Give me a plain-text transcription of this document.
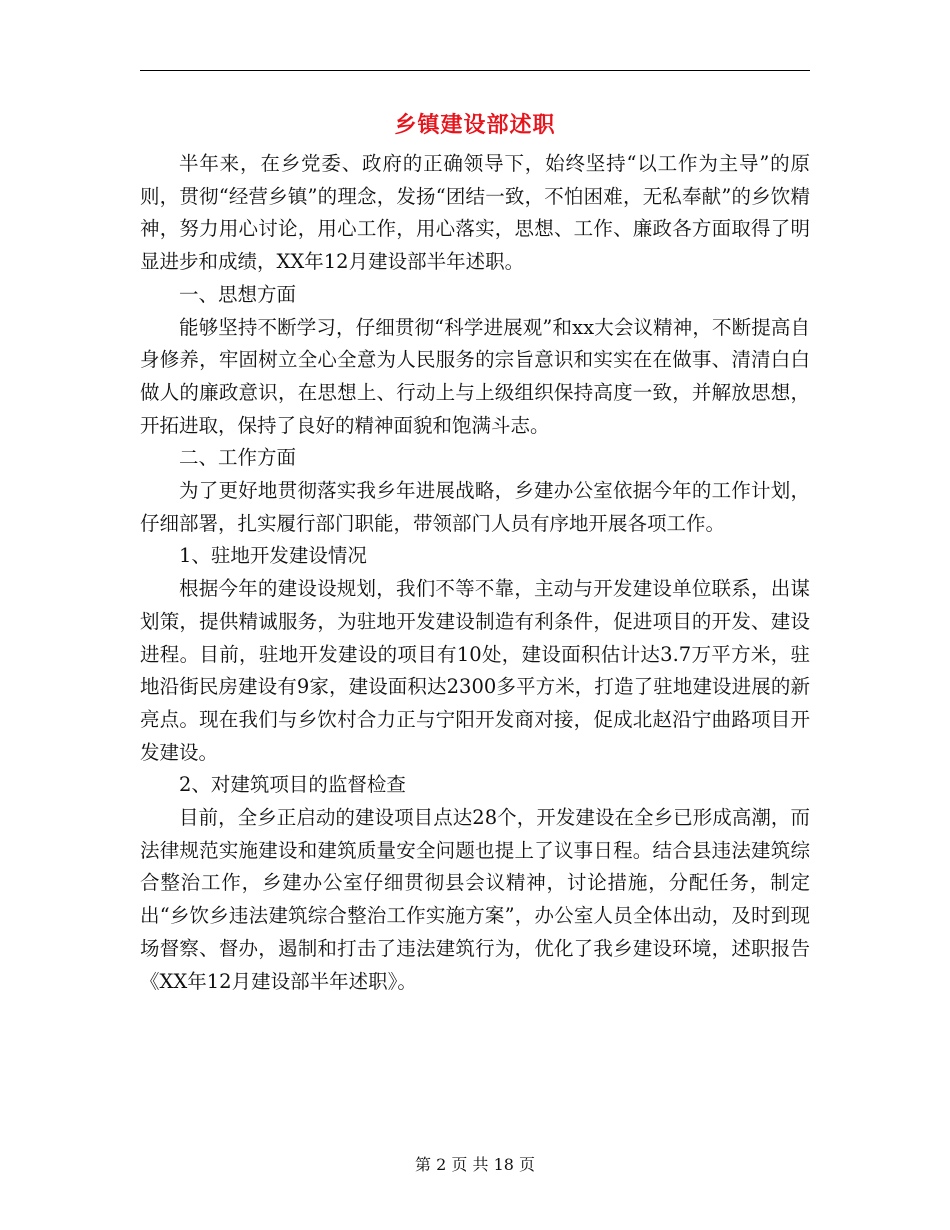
乡镇建设部述职

半年来，在乡党委、政府的正确领导下，始终坚持“以工作为主导”的原则，贯彻“经营乡镇”的理念，发扬“团结一致，不怕困难，无私奉献”的乡饮精神，努力用心讨论，用心工作，用心落实，思想、工作、廉政各方面取得了明显进步和成绩，XX年12月建设部半年述职。

一、思想方面

能够坚持不断学习，仔细贯彻“科学进展观”和xx大会议精神，不断提高自身修养，牢固树立全心全意为人民服务的宗旨意识和实实在在做事、清清白白做人的廉政意识，在思想上、行动上与上级组织保持高度一致，并解放思想，开拓进取，保持了良好的精神面貌和饱满斗志。

二、工作方面

为了更好地贯彻落实我乡年进展战略，乡建办公室依据今年的工作计划，仔细部署，扎实履行部门职能，带领部门人员有序地开展各项工作。

1、驻地开发建设情况

根据今年的建设设规划，我们不等不靠，主动与开发建设单位联系，出谋划策，提供精诚服务，为驻地开发建设制造有利条件，促进项目的开发、建设进程。目前，驻地开发建设的项目有10处，建设面积估计达3.7万平方米，驻地沿街民房建设有9家，建设面积达2300多平方米，打造了驻地建设进展的新亮点。现在我们与乡饮村合力正与宁阳开发商对接，促成北赵沿宁曲路项目开发建设。

2、对建筑项目的监督检查

目前，全乡正启动的建设项目点达28个，开发建设在全乡已形成高潮，而法律规范实施建设和建筑质量安全问题也提上了议事日程。结合县违法建筑综合整治工作，乡建办公室仔细贯彻县会议精神，讨论措施，分配任务，制定出“乡饮乡违法建筑综合整治工作实施方案”，办公室人员全体出动，及时到现场督察、督办，遏制和打击了违法建筑行为，优化了我乡建设环境，述职报告《XX年12月建设部半年述职》。

第 2 页 共 18 页
